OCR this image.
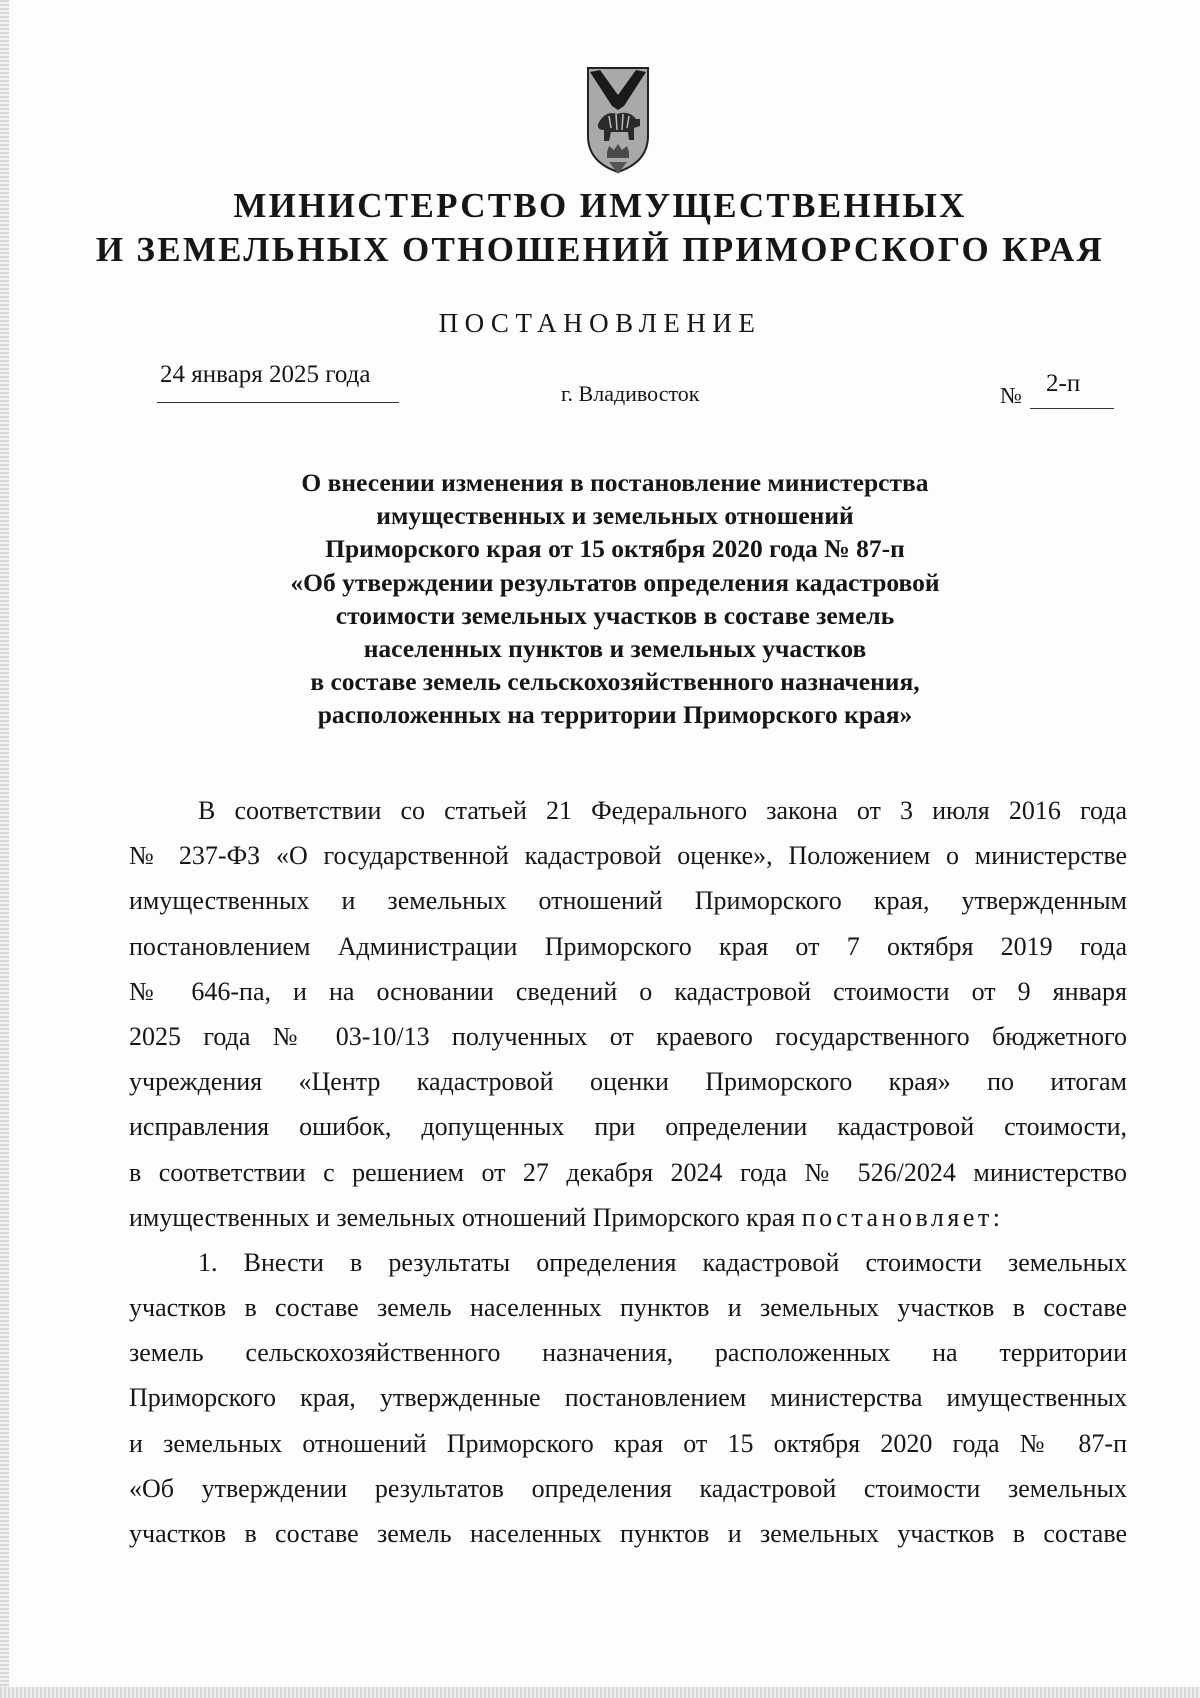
МИНИСТЕРСТВО ИМУЩЕСТВЕННЫХ
И ЗЕМЕЛЬНЫХ ОТНОШЕНИЙ ПРИМОРСКОГО КРАЯ
ПОСТАНОВЛЕНИЕ
24 января 2025 года
г. Владивосток	№ 2-п
О внесении изменения в постановление министерства
имущественных и земельных отношений
Приморского края от 15 октября 2020 года № 87-п
«Об утверждении результатов определения кадастровой
стоимости земельных участков в составе земель
населенных пунктов и земельных участков
в составе земель сельскохозяйственного назначения,
расположенных на территории Приморского края»
В соответствии со статьей 21 Федерального закона от 3 июля 2016 года
№ 237-ФЗ «О государственной кадастровой оценке», Положением о министерстве
имущественных и земельных отношений Приморского края, утвержденным
постановлением Администрации Приморского края от 7 октября 2019 года
№ 646-па, и на основании сведений о кадастровой стоимости от 9 января
2025 года № 03-10/13 полученных от краевого государственного бюджетного
учреждения «Центр кадастровой оценки Приморского края» по итогам
исправления ошибок, допущенных при определении кадастровой стоимости,
в соответствии с решением от 27 декабря 2024 года № 526/2024 министерство
имущественных и земельных отношений Приморского края постановляет:
1. Внести в результаты определения кадастровой стоимости земельных
участков в составе земель населенных пунктов и земельных участков в составе
земель сельскохозяйственного назначения, расположенных на территории
Приморского края, утвержденные постановлением министерства имущественных
и земельных отношений Приморского края от 15 октября 2020 года № 87-п
«Об утверждении результатов определения кадастровой стоимости земельных
участков в составе земель населенных пунктов и земельных участков в составе
